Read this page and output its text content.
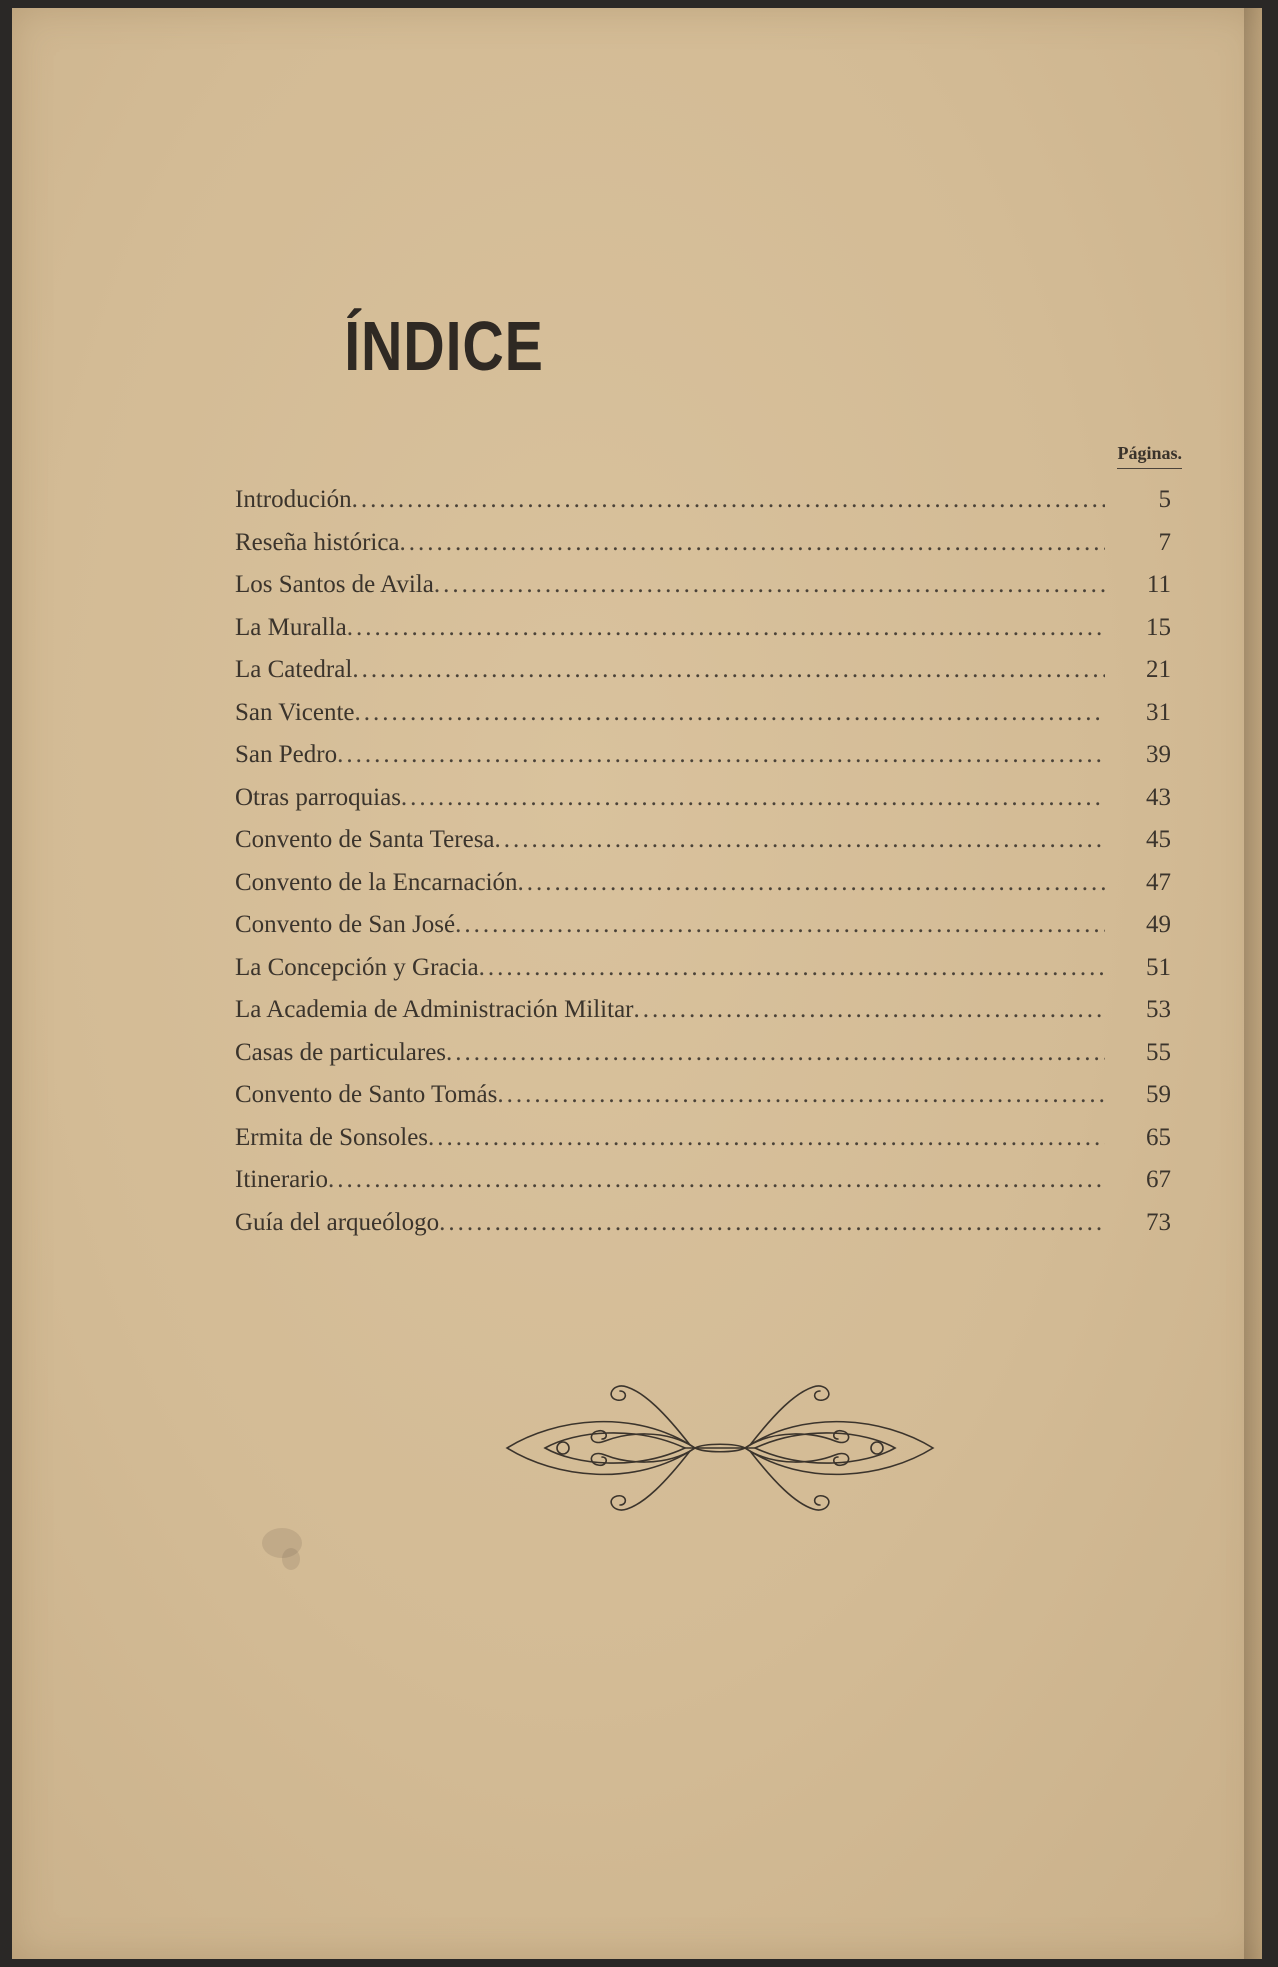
ÍNDICE
Páginas.
Introdución .....	5
Reseña histórica .....	7
Los Santos de Avila .....	11
La Muralla .....	15
La Catedral .....	21
San Vicente .....	31
San Pedro .....	39
Otras parroquias .....	43
Convento de Santa Teresa .....	45
Convento de la Encarnación .....	47
Convento de San José .....	49
La Concepción y Gracia .....	51
La Academia de Administración Militar .....	53
Casas de particulares .....	55
Convento de Santo Tomás .....	59
Ermita de Sonsoles .....	65
Itinerario .....	67
Guía del arqueólogo .....	73
